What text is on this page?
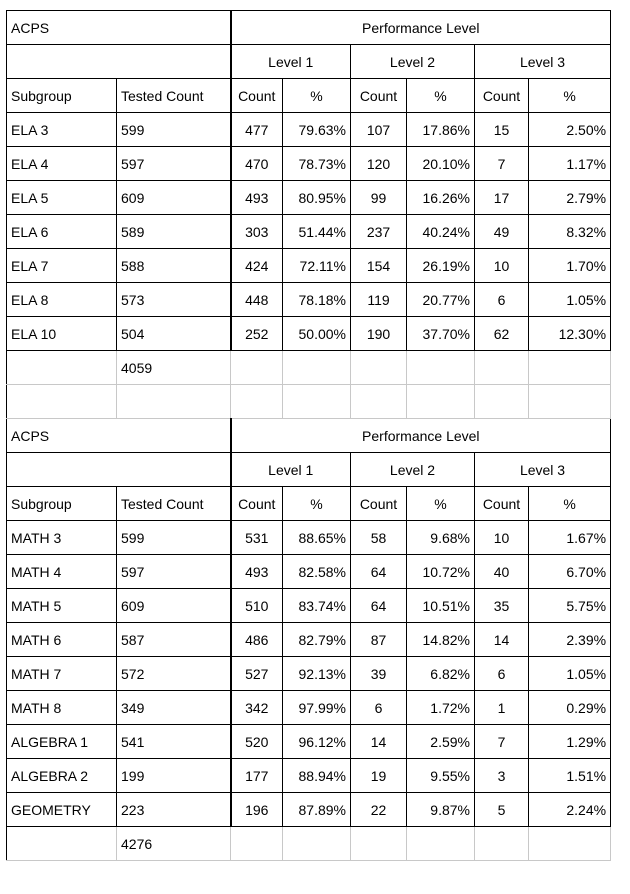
ACPS		Performance Level					
		Level 1		Level 2		Level 3	
Subgroup	Tested Count	Count	%	Count	%	Count	%
ELA 3	599	477	79.63%	107	17.86%	15	2.50%
ELA 4	597	470	78.73%	120	20.10%	7	1.17%
ELA 5	609	493	80.95%	99	16.26%	17	2.79%
ELA 6	589	303	51.44%	237	40.24%	49	8.32%
ELA 7	588	424	72.11%	154	26.19%	10	1.70%
ELA 8	573	448	78.18%	119	20.77%	6	1.05%
ELA 10	504	252	50.00%	190	37.70%	62	12.30%
	4059						

ACPS		Performance Level					
		Level 1		Level 2		Level 3	
Subgroup	Tested Count	Count	%	Count	%	Count	%
MATH 3	599	531	88.65%	58	9.68%	10	1.67%
MATH 4	597	493	82.58%	64	10.72%	40	6.70%
MATH 5	609	510	83.74%	64	10.51%	35	5.75%
MATH 6	587	486	82.79%	87	14.82%	14	2.39%
MATH 7	572	527	92.13%	39	6.82%	6	1.05%
MATH 8	349	342	97.99%	6	1.72%	1	0.29%
ALGEBRA 1	541	520	96.12%	14	2.59%	7	1.29%
ALGEBRA 2	199	177	88.94%	19	9.55%	3	1.51%
GEOMETRY	223	196	87.89%	22	9.87%	5	2.24%
	4276						
